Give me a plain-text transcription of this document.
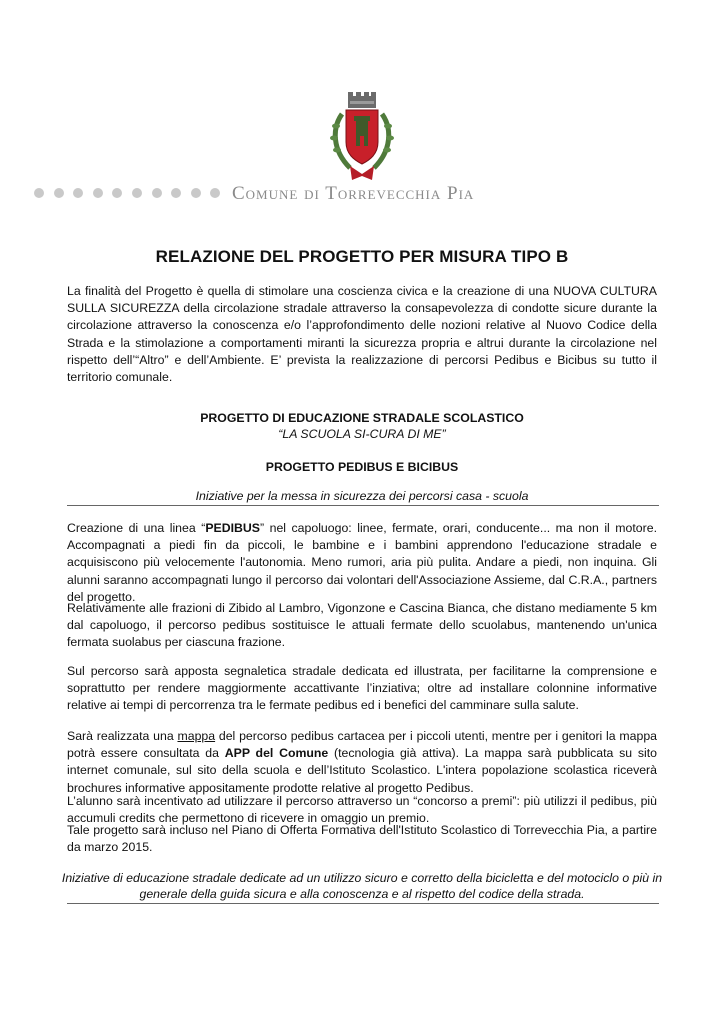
Comune di Torrevecchia Pia
RELAZIONE DEL PROGETTO PER MISURA TIPO B
La finalità del Progetto è quella di stimolare una coscienza civica e la creazione di una NUOVA CULTURA SULLA SICUREZZA della circolazione stradale attraverso la consapevolezza di condotte sicure durante la circolazione attraverso la conoscenza e/o l’approfondimento delle nozioni relative al Nuovo Codice della Strada e la stimolazione a comportamenti miranti la sicurezza propria e altrui durante la circolazione nel rispetto dell’“Altro” e dell’Ambiente. E’ prevista la realizzazione di percorsi Pedibus e Bicibus su tutto il territorio comunale.
PROGETTO DI EDUCAZIONE STRADALE SCOLASTICO
“LA SCUOLA SI-CURA DI ME”
PROGETTO PEDIBUS E BICIBUS
Iniziative per la messa in sicurezza dei percorsi casa - scuola
Creazione di una linea “PEDIBUS” nel capoluogo: linee, fermate, orari, conducente... ma non il motore. Accompagnati a piedi fin da piccoli, le bambine e i bambini apprendono l'educazione stradale e acquisiscono più velocemente l'autonomia. Meno rumori, aria più pulita. Andare a piedi, non inquina. Gli alunni saranno accompagnati lungo il percorso dai volontari dell'Associazione Assieme, dal C.R.A., partners del progetto.
Relativamente alle frazioni di Zibido al Lambro, Vigonzone e Cascina Bianca, che distano mediamente 5 km dal capoluogo, il percorso pedibus sostituisce le attuali fermate dello scuolabus, mantenendo un'unica fermata suolabus per ciascuna frazione.
Sul percorso sarà apposta segnaletica stradale dedicata ed illustrata, per facilitarne la comprensione e soprattutto per rendere maggiormente accattivante l’inziativa; oltre ad installare colonnine informative relative ai tempi di percorrenza tra le fermate pedibus ed i benefici del camminare sulla salute.
Sarà realizzata una mappa del percorso pedibus cartacea per i piccoli utenti, mentre per i genitori la mappa potrà essere consultata da APP del Comune (tecnologia già attiva). La mappa sarà pubblicata su sito internet comunale, sul sito della scuola e dell’Istituto Scolastico. L'intera popolazione scolastica riceverà brochures informative appositamente prodotte relative al progetto Pedibus.
L’alunno sarà incentivato ad utilizzare il percorso attraverso un “concorso a premi”: più utilizzi il pedibus, più accumuli credits che permettono di ricevere in omaggio un premio.
Tale progetto sarà incluso nel Piano di Offerta Formativa dell'Istituto Scolastico di Torrevecchia Pia, a partire da marzo 2015.
Iniziative di educazione stradale dedicate ad un utilizzo sicuro e corretto della bicicletta e del motociclo o più in
generale della guida sicura e alla conoscenza e al rispetto del codice della strada.
